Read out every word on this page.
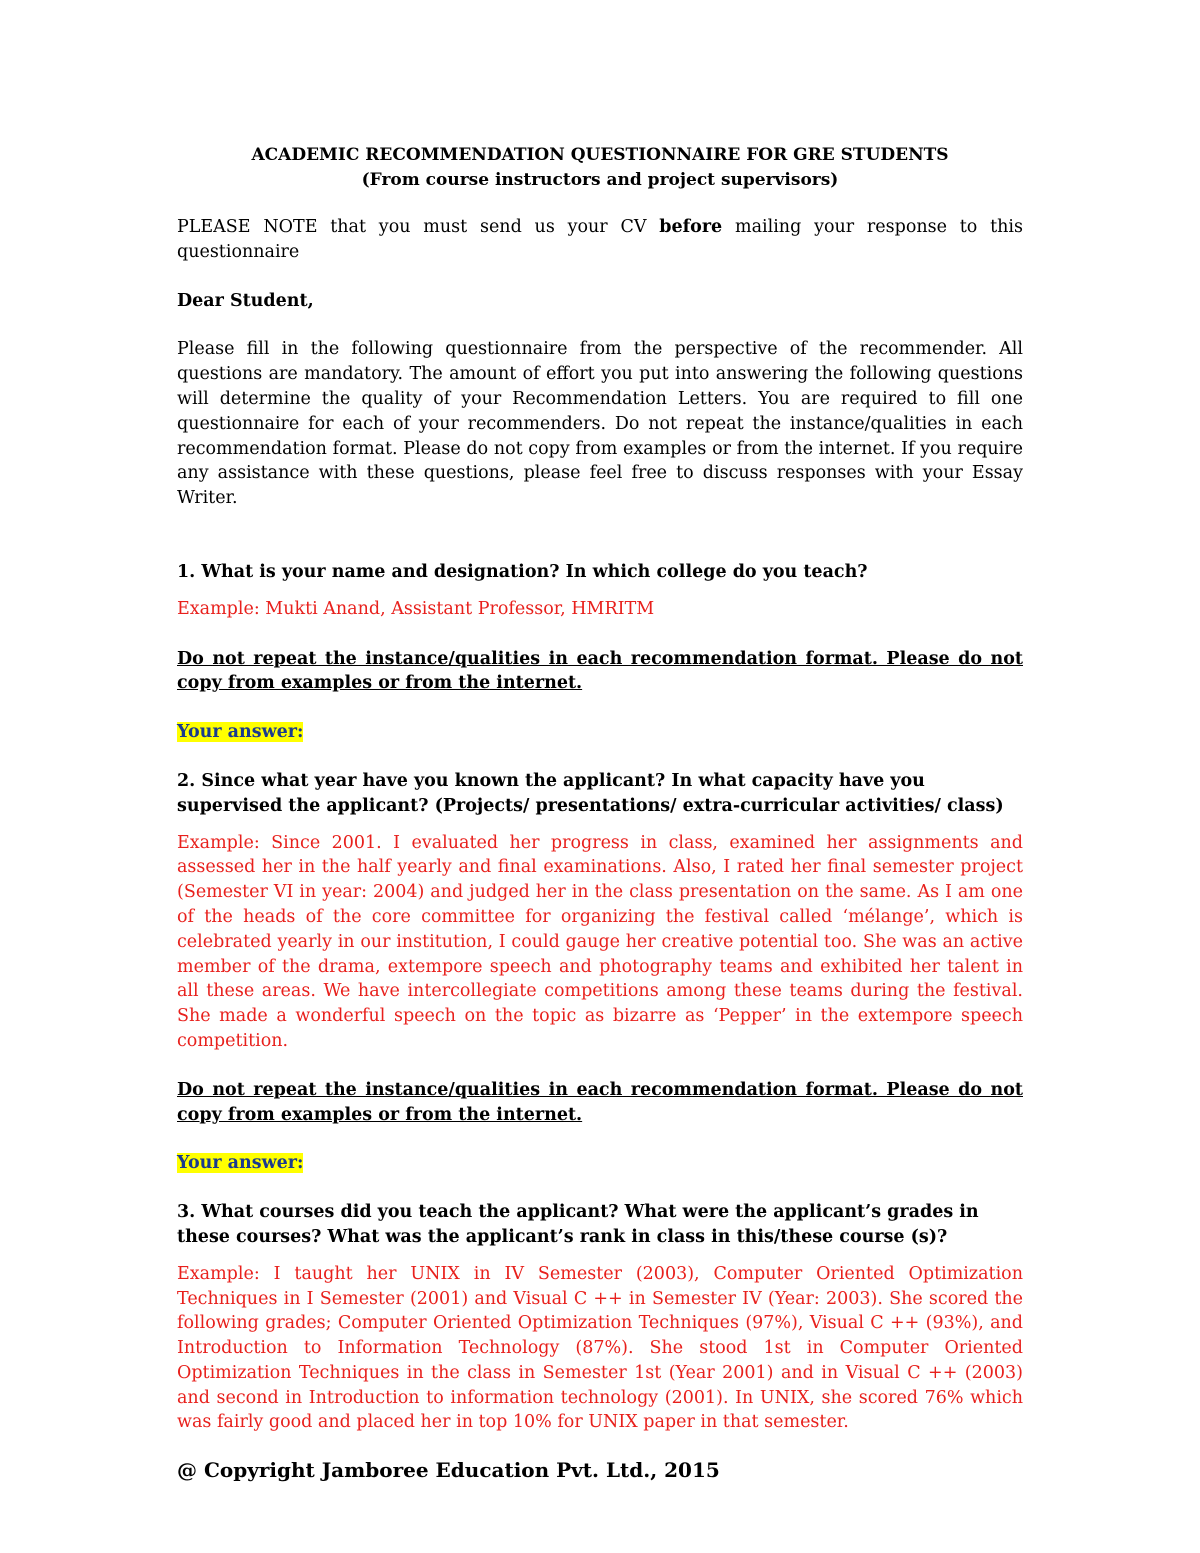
ACADEMIC RECOMMENDATION QUESTIONNAIRE FOR GRE STUDENTS

(From course instructors and project supervisors)

PLEASE NOTE that you must send us your CV before mailing your response to this questionnaire

Dear Student,

Please fill in the following questionnaire from the perspective of the recommender. All questions are mandatory. The amount of effort you put into answering the following questions will determine the quality of your Recommendation Letters. You are required to fill one questionnaire for each of your recommenders. Do not repeat the instance/qualities in each recommendation format. Please do not copy from examples or from the internet. If you require any assistance with these questions, please feel free to discuss responses with your Essay Writer.

1. What is your name and designation? In which college do you teach?

Example: Mukti Anand, Assistant Professor, HMRITM

Do not repeat the instance/qualities in each recommendation format. Please do not copy from examples or from the internet.

Your answer:

2. Since what year have you known the applicant? In what capacity have you supervised the applicant? (Projects/ presentations/ extra-curricular activities/ class)

Example: Since 2001. I evaluated her progress in class, examined her assignments and assessed her in the half yearly and final examinations. Also, I rated her final semester project (Semester VI in year: 2004) and judged her in the class presentation on the same. As I am one of the heads of the core committee for organizing the festival called ‘mélange’, which is celebrated yearly in our institution, I could gauge her creative potential too. She was an active member of the drama, extempore speech and photography teams and exhibited her talent in all these areas. We have intercollegiate competitions among these teams during the festival. She made a wonderful speech on the topic as bizarre as ‘Pepper’ in the extempore speech competition.

Do not repeat the instance/qualities in each recommendation format. Please do not copy from examples or from the internet.

Your answer:

3. What courses did you teach the applicant? What were the applicant’s grades in these courses? What was the applicant’s rank in class in this/these course (s)?

Example: I taught her UNIX in IV Semester (2003), Computer Oriented Optimization Techniques in I Semester (2001) and Visual C ++ in Semester IV (Year: 2003). She scored the following grades; Computer Oriented Optimization Techniques (97%), Visual C ++ (93%), and Introduction to Information Technology (87%). She stood 1st in Computer Oriented Optimization Techniques in the class in Semester 1st (Year 2001) and in Visual C ++ (2003) and second in Introduction to information technology (2001). In UNIX, she scored 76% which was fairly good and placed her in top 10% for UNIX paper in that semester.

@ Copyright Jamboree Education Pvt. Ltd., 2015
